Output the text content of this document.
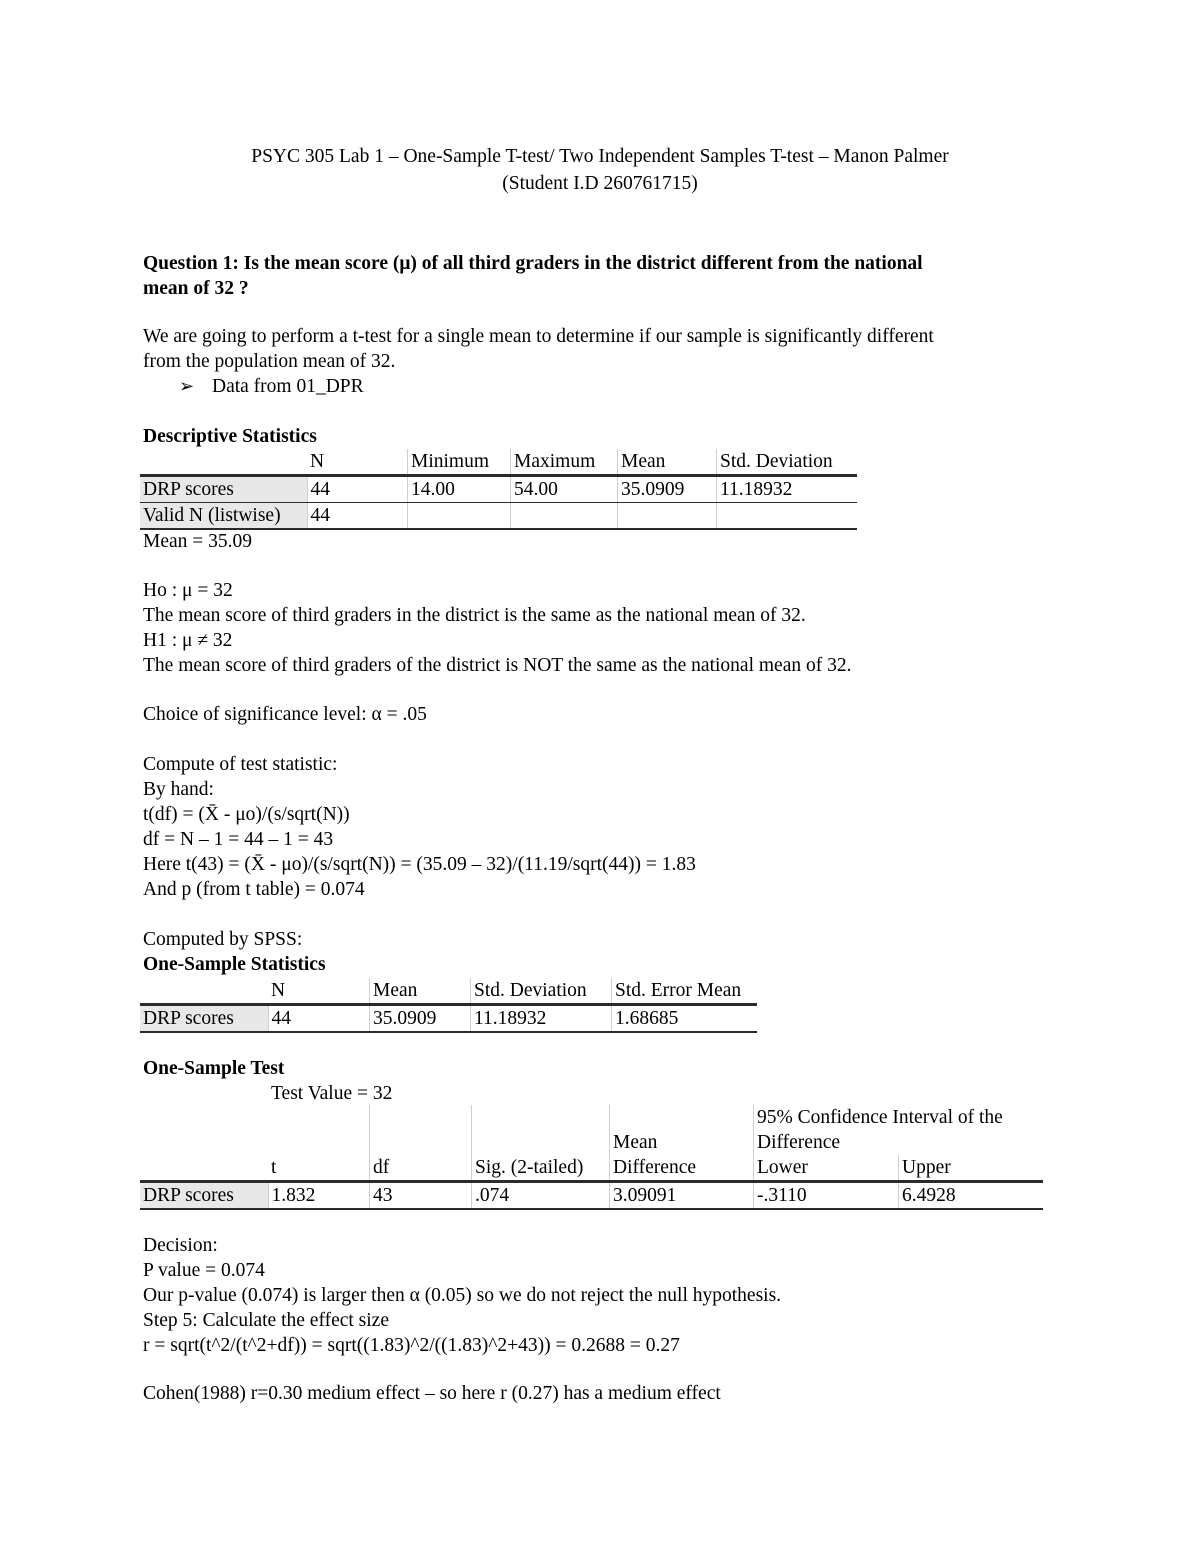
PSYC 305 Lab 1 – One-Sample T-test/ Two Independent Samples T-test – Manon Palmer
(Student I.D 260761715)
Question 1: Is the mean score (μ) of all third graders in the district different from the national
mean of 32 ?
We are going to perform a t-test for a single mean to determine if our sample is significantly different
from the population mean of 32.
➢ Data from 01_DPR
Descriptive Statistics
	N	Minimum	Maximum	Mean	Std. Deviation
DRP scores	44	14.00	54.00	35.0909	11.18932
Valid N (listwise)	44				
Mean = 35.09
Ho : μ = 32
The mean score of third graders in the district is the same as the national mean of 32.
H1 : μ ≠ 32
The mean score of third graders of the district is NOT the same as the national mean of 32.
Choice of significance level: α = .05
Compute of test statistic:
By hand:
t(df) = (X̄ - μo)/(s/sqrt(N))
df = N – 1 = 44 – 1 = 43
Here t(43) = (X̄ - μo)/(s/sqrt(N)) = (35.09 – 32)/(11.19/sqrt(44)) = 1.83
And p (from t table) = 0.074
Computed by SPSS:
One-Sample Statistics
	N	Mean	Std. Deviation	Std. Error Mean
DRP scores	44	35.0909	11.18932	1.68685
One-Sample Test
Test Value = 32
					95% Confidence Interval of the	
				Mean	Difference	
	t	df	Sig. (2-tailed)	Difference	Lower	Upper
DRP scores	1.832	43	.074	3.09091	-.3110	6.4928
Decision:
P value = 0.074
Our p-value (0.074) is larger then α (0.05) so we do not reject the null hypothesis.
Step 5: Calculate the effect size
r = sqrt(t^2/(t^2+df)) = sqrt((1.83)^2/((1.83)^2+43)) = 0.2688 = 0.27
Cohen(1988) r=0.30 medium effect – so here r (0.27) has a medium effect
